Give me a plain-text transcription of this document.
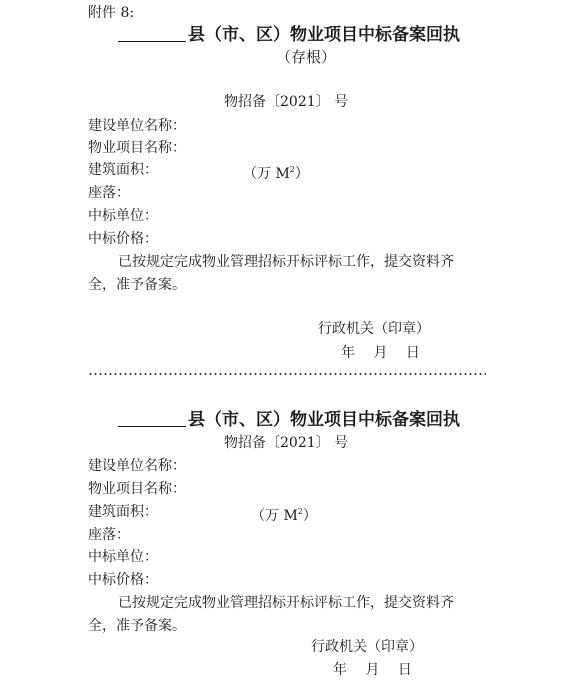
附件 8:
县（市、区）物业项目中标备案回执
（存根）
物招备〔2021〕 号
建设单位名称：
物业项目名称：
建筑面积：	（万 $M^2$）
座落：
中标单位：
中标价格：
已按规定完成物业管理招标开标评标工作，提交资料齐
全，准予备案。
行政机关（印章）
年　 月　 日
县（市、区）物业项目中标备案回执
物招备〔2021〕 号
建设单位名称：
物业项目名称：
建筑面积：	（万 $M^2$）
座落：
中标单位：
中标价格：
已按规定完成物业管理招标开标评标工作，提交资料齐
全，准予备案。
行政机关（印章）
年　 月　 日
